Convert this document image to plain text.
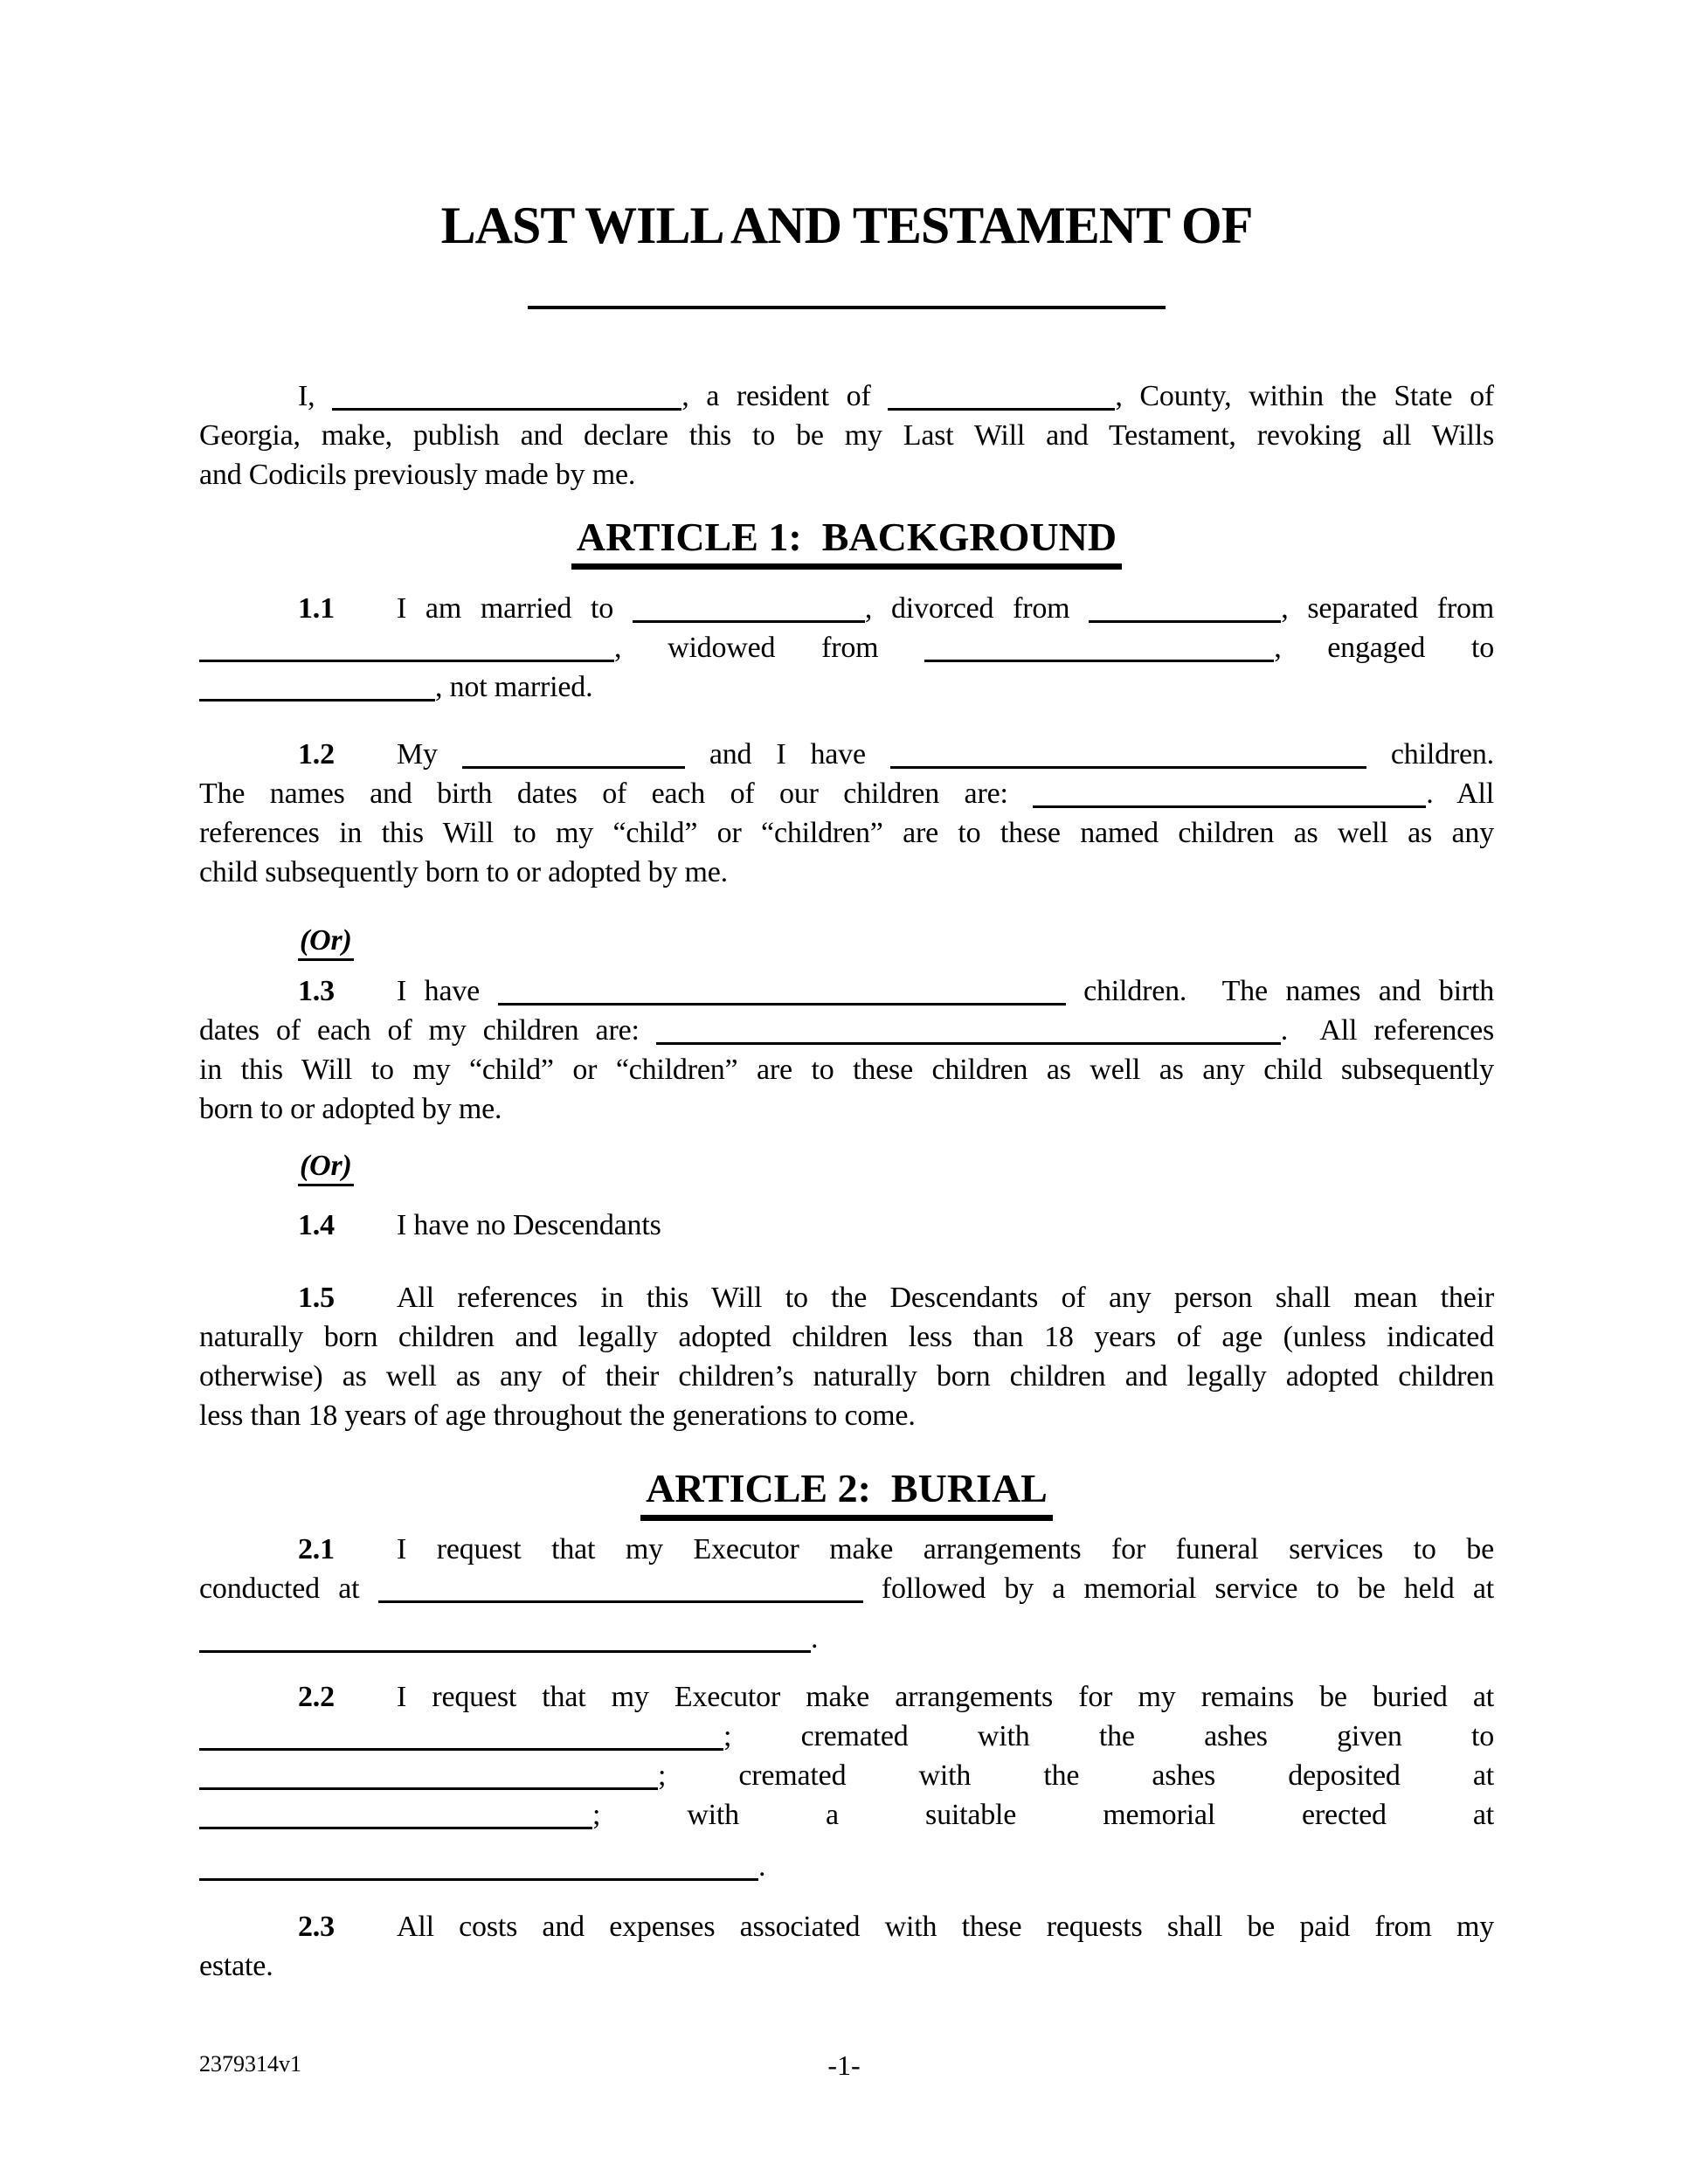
LAST WILL AND TESTAMENT OF
I,	, a resident of	, County, within the State of
Georgia, make, publish and declare this to be my Last Will and Testament, revoking all Wills
and Codicils previously made by me.
ARTICLE 1:  BACKGROUND
1.1 I am married to	, divorced from	, separated from
, widowed from	, engaged to
, not married.
1.2 My	and I have	children.
The names and birth dates of each of our children are:	. All
references in this Will to my “child” or “children” are to these named children as well as any
child subsequently born to or adopted by me.
(Or)
1.3 I have	children.  The names and birth
dates of each of my children are:	.  All references
in this Will to my “child” or “children” are to these children as well as any child subsequently
born to or adopted by me.
(Or)
1.4 I have no Descendants
1.5 All references in this Will to the Descendants of any person shall mean their
naturally born children and legally adopted children less than 18 years of age (unless indicated
otherwise) as well as any of their children’s naturally born children and legally adopted children
less than 18 years of age throughout the generations to come.
ARTICLE 2:  BURIAL
2.1 I request that my Executor make arrangements for funeral services to be
conducted at	followed by a memorial service to be held at
.
2.2 I request that my Executor make arrangements for my remains be buried at
; cremated with the ashes given to
; cremated with the ashes deposited at
; with a suitable memorial erected at
.
2.3 All costs and expenses associated with these requests shall be paid from my
estate.
2379314v1	-1-
